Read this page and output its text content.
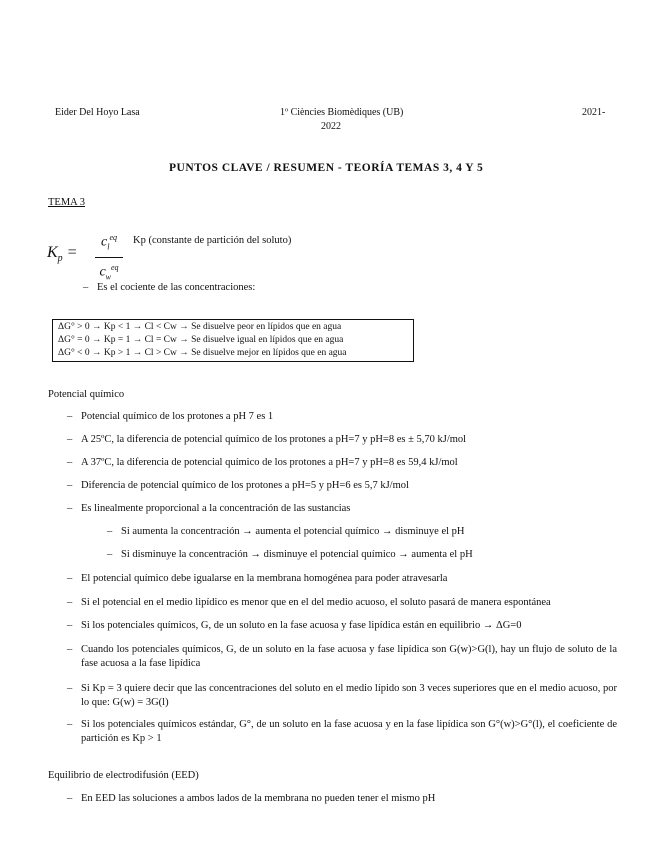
Eider Del Hoyo Lasa	1º Ciències Biomèdiques (UB)	2021-
2022
PUNTOS CLAVE / RESUMEN - TEORÍA TEMAS 3, 4 Y 5
TEMA 3
$K_p$ =
$c_l^{eq}$
$c_w^{eq}$
Kp (constante de partición del soluto)
– Es el cociente de las concentraciones:
ΔG° > 0 → Kp < 1 → Cl < Cw → Se disuelve peor en lípidos que en agua
ΔG° = 0 → Kp = 1 → Cl = Cw → Se disuelve igual en lípidos que en agua
ΔG° < 0 → Kp > 1 → Cl > Cw → Se disuelve mejor en lípidos que en agua
Potencial químico
– Potencial químico de los protones a pH 7 es 1
– A 25ºC, la diferencia de potencial químico de los protones a pH=7 y pH=8 es ± 5,70 kJ/mol
– A 37ºC, la diferencia de potencial químico de los protones a pH=7 y pH=8 es 59,4 kJ/mol
– Diferencia de potencial químico de los protones a pH=5 y pH=6 es 5,7 kJ/mol
– Es linealmente proporcional a la concentración de las sustancias
– Si aumenta la concentración → aumenta el potencial químico → disminuye el pH
– Si disminuye la concentración → disminuye el potencial químico → aumenta el pH
– El potencial químico debe igualarse en la membrana homogénea para poder atravesarla
– Si el potencial en el medio lipídico es menor que en el del medio acuoso, el soluto pasará de manera espontánea
– Si los potenciales químicos, G, de un soluto en la fase acuosa y fase lipídica están en equilibrio → ΔG=0
– Cuando los potenciales químicos, G, de un soluto en la fase acuosa y fase lipídica son G(w)>G(l), hay un flujo de soluto de la fase acuosa a la fase lipídica
– Si Kp = 3 quiere decir que las concentraciones del soluto en el medio lípido son 3 veces superiores que en el medio acuoso, por lo que: G(w) = 3G(l)
– Si los potenciales químicos estándar, G°, de un soluto en la fase acuosa y en la fase lipídica son G°(w)>G°(l), el coeficiente de partición es Kp > 1
Equilibrio de electrodifusión (EED)
– En EED las soluciones a ambos lados de la membrana no pueden tener el mismo pH
